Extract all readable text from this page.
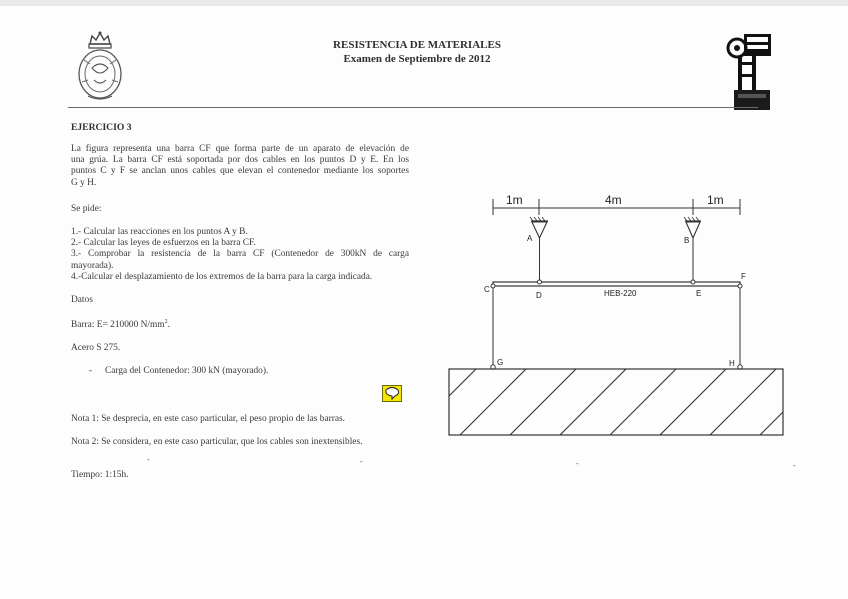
RESISTENCIA DE MATERIALES
Examen de Septiembre de 2012
EJERCICIO 3
La figura representa una barra CF que forma parte de un aparato de elevación de
una grúa. La barra CF está soportada por dos cables en los puntos D y E. En los
puntos C y F se anclan unos cables que elevan el contenedor mediante los soportes
G y H.
Se pide:
1.- Calcular las reacciones en los puntos A y B.
2.- Calcular las leyes de esfuerzos en la barra CF.
3.- Comprobar la resistencia de la barra CF (Contenedor de 300kN de carga
mayorada).
4.-Calcular el desplazamiento de los extremos de la barra para la carga indicada.
Datos
Barra: E= 210000 $N/mm^2$.
Acero S 275.
- Carga del Contenedor: 300 kN (mayorado).
Nota 1: Se desprecia, en este caso particular, el peso propio de las barras.
Nota 2: Se considera, en este caso particular, que los cables son inextensibles.
-	-	-	-
Tiempo: 1:15h.
1m	4m	1m
A	B
C
D	E
F
HEB-220
G	H
